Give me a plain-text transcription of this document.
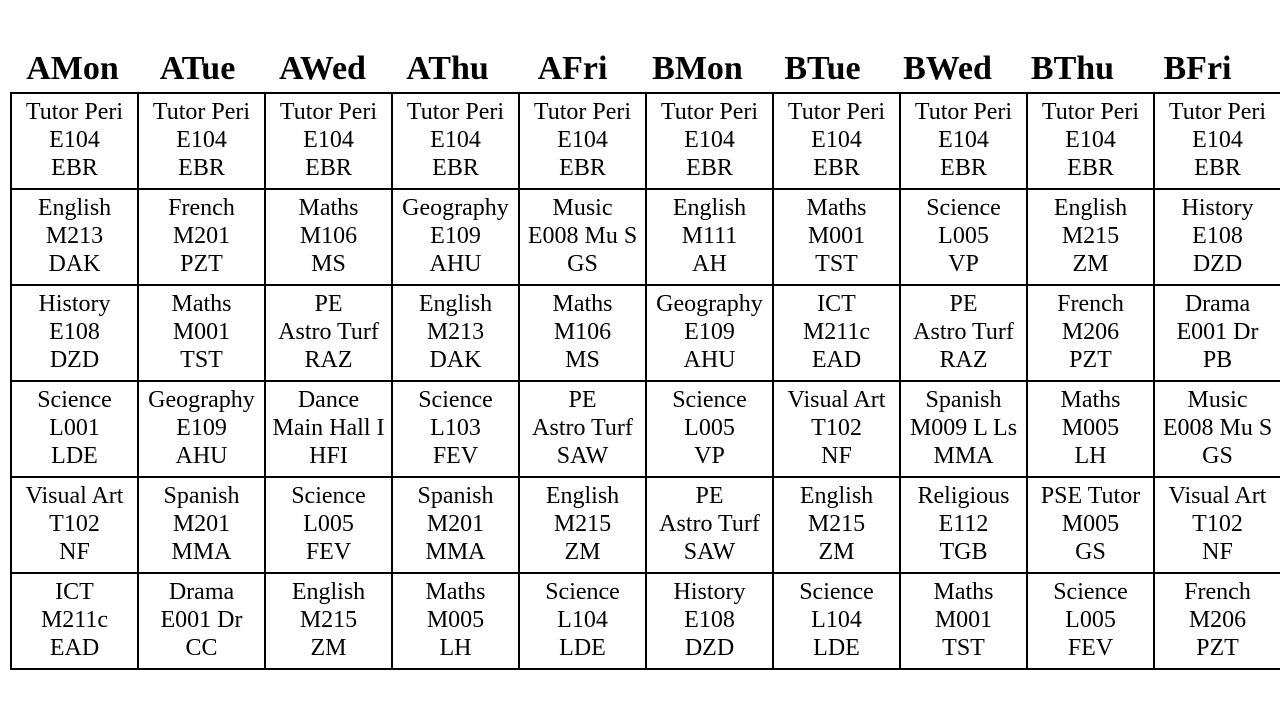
AMon	ATue	AWed	AThu	AFri	BMon	BTue	BWed	BThu	BFri
Tutor Peri
E104
EBR	Tutor Peri
E104
EBR	Tutor Peri
E104
EBR	Tutor Peri
E104
EBR	Tutor Peri
E104
EBR	Tutor Peri
E104
EBR	Tutor Peri
E104
EBR	Tutor Peri
E104
EBR	Tutor Peri
E104
EBR	Tutor Peri
E104
EBR

English
M213
DAK	French
M201
PZT	Maths
M106
MS	Geography
E109
AHU	Music
E008 Mu S
GS	English
M111
AH	Maths
M001
TST	Science
L005
VP	English
M215
ZM	History
E108
DZD

History
E108
DZD	Maths
M001
TST	PE
Astro Turf
RAZ	English
M213
DAK	Maths
M106
MS	Geography
E109
AHU	ICT
M211c
EAD	PE
Astro Turf
RAZ	French
M206
PZT	Drama
E001 Dr
PB

Science
L001
LDE	Geography
E109
AHU	Dance
Main Hall I
HFI	Science
L103
FEV	PE
Astro Turf
SAW	Science
L005
VP	Visual Art
T102
NF	Spanish
M009 L Ls
MMA	Maths
M005
LH	Music
E008 Mu S
GS

Visual Art
T102
NF	Spanish
M201
MMA	Science
L005
FEV	Spanish
M201
MMA	English
M215
ZM	PE
Astro Turf
SAW	English
M215
ZM	Religious
E112
TGB	PSE Tutor
M005
GS	Visual Art
T102
NF

ICT
M211c
EAD	Drama
E001 Dr
CC	English
M215
ZM	Maths
M005
LH	Science
L104
LDE	History
E108
DZD	Science
L104
LDE	Maths
M001
TST	Science
L005
FEV	French
M206
PZT
